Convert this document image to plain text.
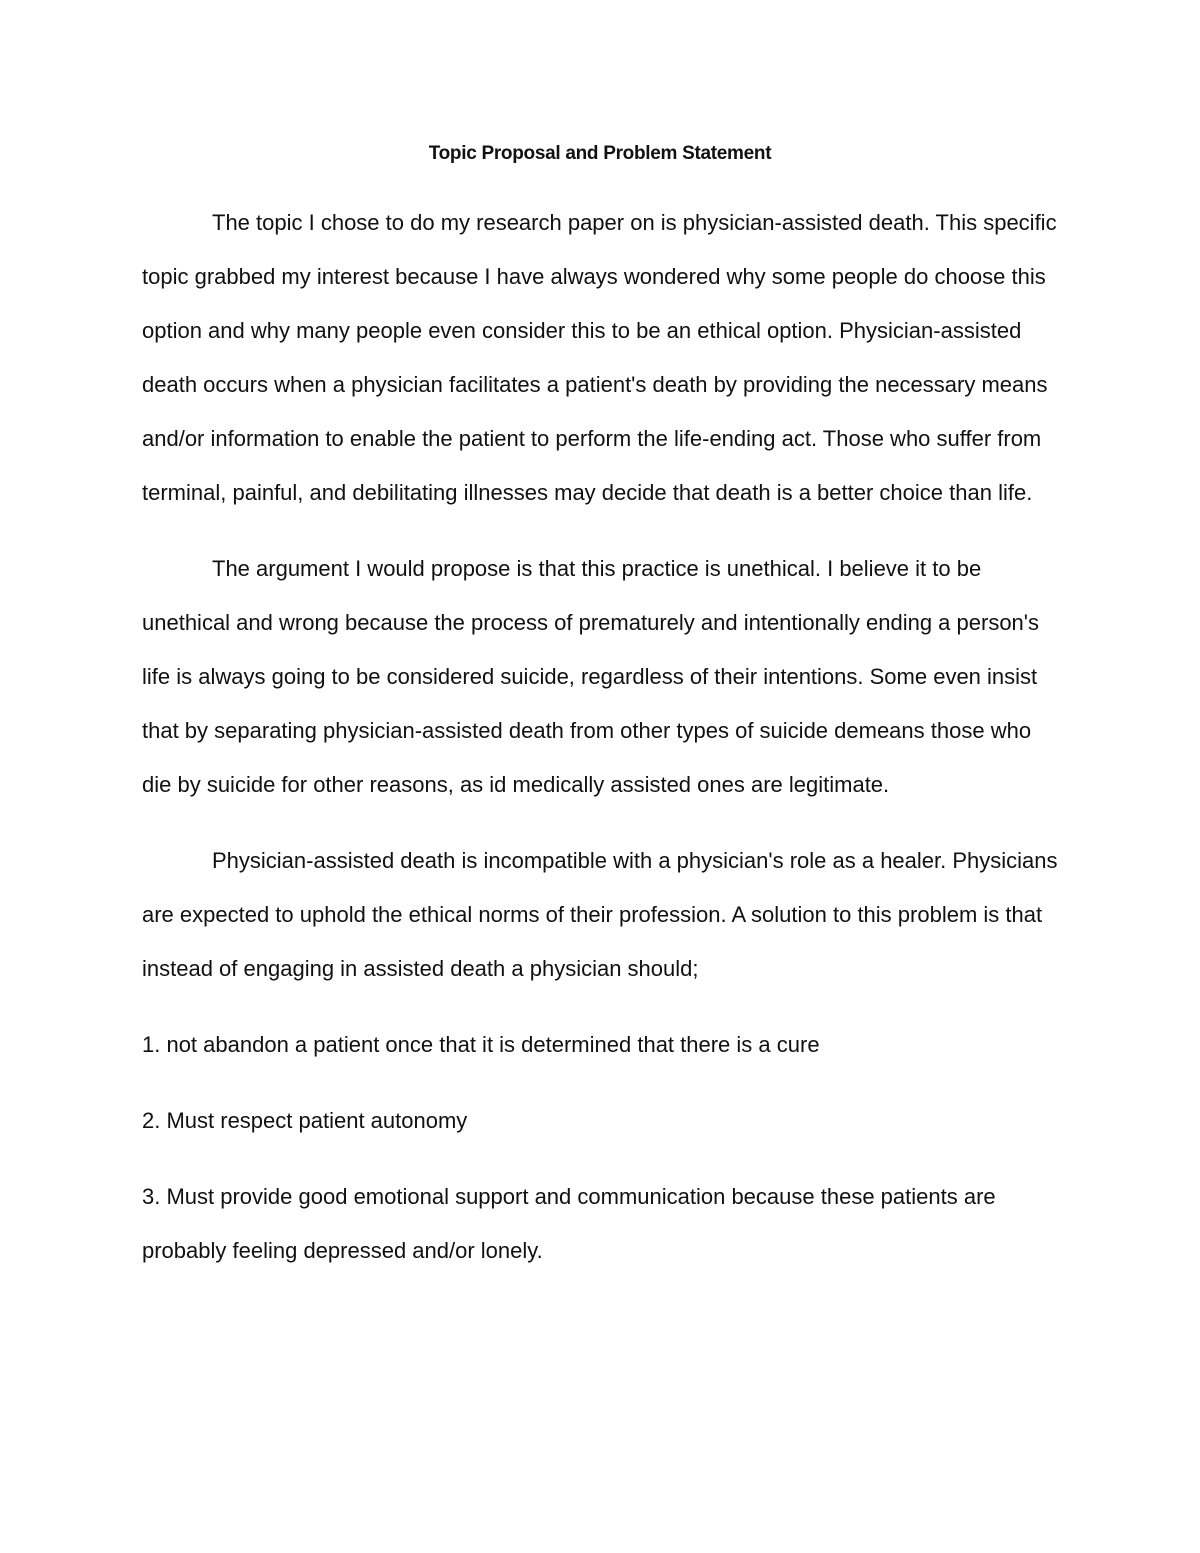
Topic Proposal and Problem Statement

The topic I chose to do my research paper on is physician-assisted death. This specific topic grabbed my interest because I have always wondered why some people do choose this option and why many people even consider this to be an ethical option. Physician-assisted death occurs when a physician facilitates a patient's death by providing the necessary means and/or information to enable the patient to perform the life-ending act. Those who suffer from terminal, painful, and debilitating illnesses may decide that death is a better choice than life.

The argument I would propose is that this practice is unethical. I believe it to be unethical and wrong because the process of prematurely and intentionally ending a person's life is always going to be considered suicide, regardless of their intentions. Some even insist that by separating physician-assisted death from other types of suicide demeans those who die by suicide for other reasons, as id medically assisted ones are legitimate.

Physician-assisted death is incompatible with a physician's role as a healer. Physicians are expected to uphold the ethical norms of their profession. A solution to this problem is that instead of engaging in assisted death a physician should;

1. not abandon a patient once that it is determined that there is a cure

2. Must respect patient autonomy

3. Must provide good emotional support and communication because these patients are probably feeling depressed and/or lonely.
